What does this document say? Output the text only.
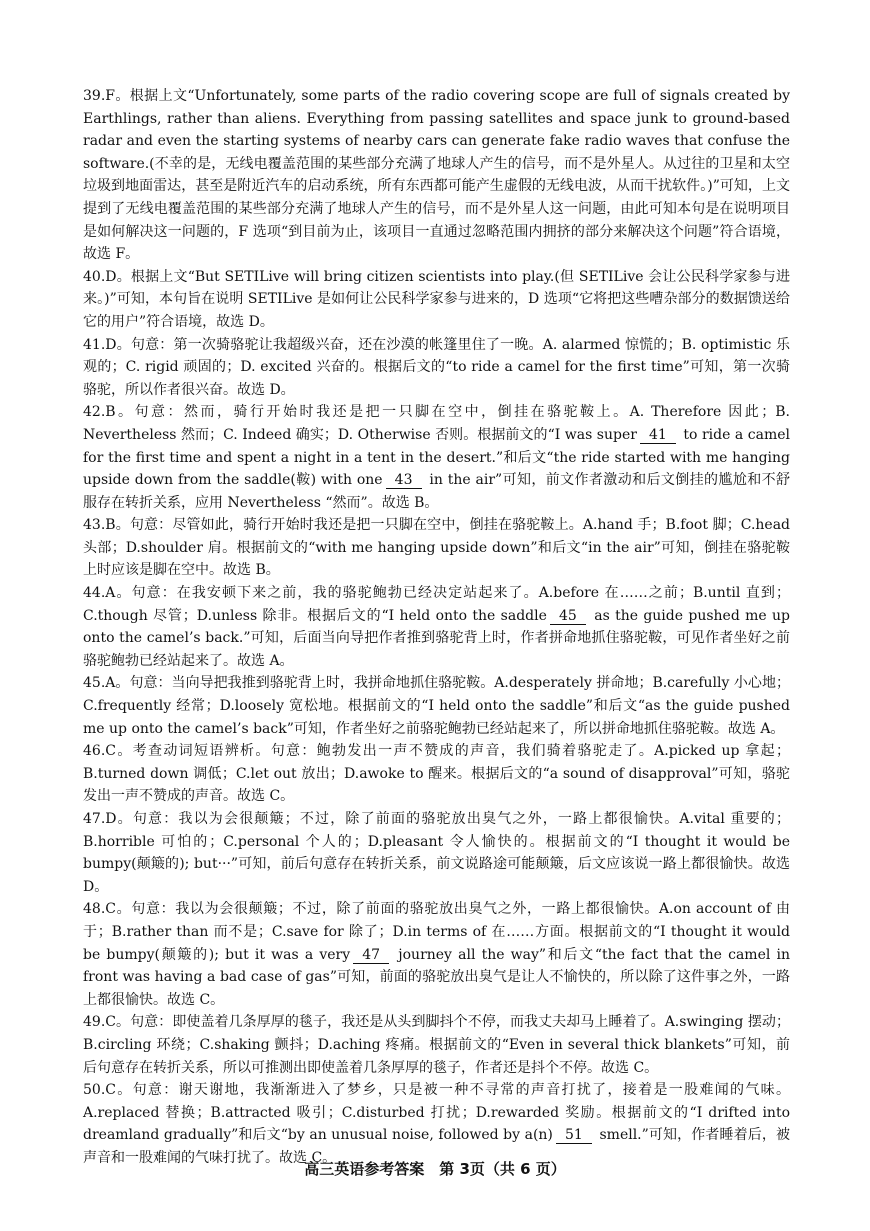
39.F。根据上文“Unfortunately, some parts of the radio covering scope are full of signals created by Earthlings, rather than aliens. Everything from passing satellites and space junk to ground-based radar and even the starting systems of nearby cars can generate fake radio waves that confuse the software.(不幸的是，无线电覆盖范围的某些部分充满了地球人产生的信号，而不是外星人。从过往的卫星和太空垃圾到地面雷达，甚至是附近汽车的启动系统，所有东西都可能产生虚假的无线电波，从而干扰软件。)”可知，上文提到了无线电覆盖范围的某些部分充满了地球人产生的信号，而不是外星人这一问题，由此可知本句是在说明项目是如何解决这一问题的，F 选项“到目前为止，该项目一直通过忽略范围内拥挤的部分来解决这个问题”符合语境，故选 F。

40.D。根据上文“But SETILive will bring citizen scientists into play.(但 SETILive 会让公民科学家参与进来。)”可知，本句旨在说明 SETILive 是如何让公民科学家参与进来的，D 选项“它将把这些嘈杂部分的数据馈送给它的用户”符合语境，故选 D。

41.D。句意：第一次骑骆驼让我超级兴奋，还在沙漠的帐篷里住了一晚。A. alarmed 惊慌的；B. optimistic 乐观的；C. rigid 顽固的；D. excited 兴奋的。根据后文的“to ride a camel for the first time”可知，第一次骑骆驼，所以作者很兴奋。故选 D。

42.B。句意：然而，骑行开始时我还是把一只脚在空中，倒挂在骆驼鞍上。A. Therefore 因此；B. Nevertheless 然而；C. Indeed 确实；D. Otherwise 否则。根据前文的“I was super 41 to ride a camel for the first time and spent a night in a tent in the desert.”和后文“the ride started with me hanging upside down from the saddle(鞍) with one 43 in the air”可知，前文作者激动和后文倒挂的尴尬和不舒服存在转折关系，应用 Nevertheless “然而”。故选 B。

43.B。句意：尽管如此，骑行开始时我还是把一只脚在空中，倒挂在骆驼鞍上。A.hand 手；B.foot 脚；C.head 头部；D.shoulder 肩。根据前文的“with me hanging upside down”和后文“in the air”可知，倒挂在骆驼鞍上时应该是脚在空中。故选 B。

44.A。句意：在我安顿下来之前，我的骆驼鲍勃已经决定站起来了。A.before 在……之前；B.until 直到；C.though 尽管；D.unless 除非。根据后文的“I held onto the saddle 45 as the guide pushed me up onto the camel’s back.”可知，后面当向导把作者推到骆驼背上时，作者拼命地抓住骆驼鞍，可见作者坐好之前骆驼鲍勃已经站起来了。故选 A。

45.A。句意：当向导把我推到骆驼背上时，我拼命地抓住骆驼鞍。A.desperately 拼命地；B.carefully 小心地；C.frequently 经常；D.loosely 宽松地。根据前文的“I held onto the saddle”和后文“as the guide pushed me up onto the camel’s back”可知，作者坐好之前骆驼鲍勃已经站起来了，所以拼命地抓住骆驼鞍。故选 A。

46.C。考查动词短语辨析。句意：鲍勃发出一声不赞成的声音，我们骑着骆驼走了。A.picked up 拿起；B.turned down 调低；C.let out 放出；D.awoke to 醒来。根据后文的“a sound of disapproval”可知，骆驼发出一声不赞成的声音。故选 C。

47.D。句意：我以为会很颠簸；不过，除了前面的骆驼放出臭气之外，一路上都很愉快。A.vital 重要的；B.horrible 可怕的；C.personal 个人的；D.pleasant 令人愉快的。根据前文的“I thought it would be bumpy(颠簸的); but···”可知，前后句意存在转折关系，前文说路途可能颠簸，后文应该说一路上都很愉快。故选 D。

48.C。句意：我以为会很颠簸；不过，除了前面的骆驼放出臭气之外，一路上都很愉快。A.on account of 由于；B.rather than 而不是；C.save for 除了；D.in terms of 在……方面。根据前文的“I thought it would be bumpy(颠簸的); but it was a very 47 journey all the way”和后文“the fact that the camel in front was having a bad case of gas”可知，前面的骆驼放出臭气是让人不愉快的，所以除了这件事之外，一路上都很愉快。故选 C。

49.C。句意：即使盖着几条厚厚的毯子，我还是从头到脚抖个不停，而我丈夫却马上睡着了。A.swinging 摆动；B.circling 环绕；C.shaking 颤抖；D.aching 疼痛。根据前文的“Even in several thick blankets”可知，前后句意存在转折关系，所以可推测出即使盖着几条厚厚的毯子，作者还是抖个不停。故选 C。

50.C。句意：谢天谢地，我渐渐进入了梦乡，只是被一种不寻常的声音打扰了，接着是一股难闻的气味。A.replaced 替换；B.attracted 吸引；C.disturbed 打扰；D.rewarded 奖励。根据前文的“I drifted into dreamland gradually”和后文“by an unusual noise, followed by a(n) 51 smell.”可知，作者睡着后，被声音和一股难闻的气味打扰了。故选 C。

高三英语参考答案　第 3页（共 6 页）
